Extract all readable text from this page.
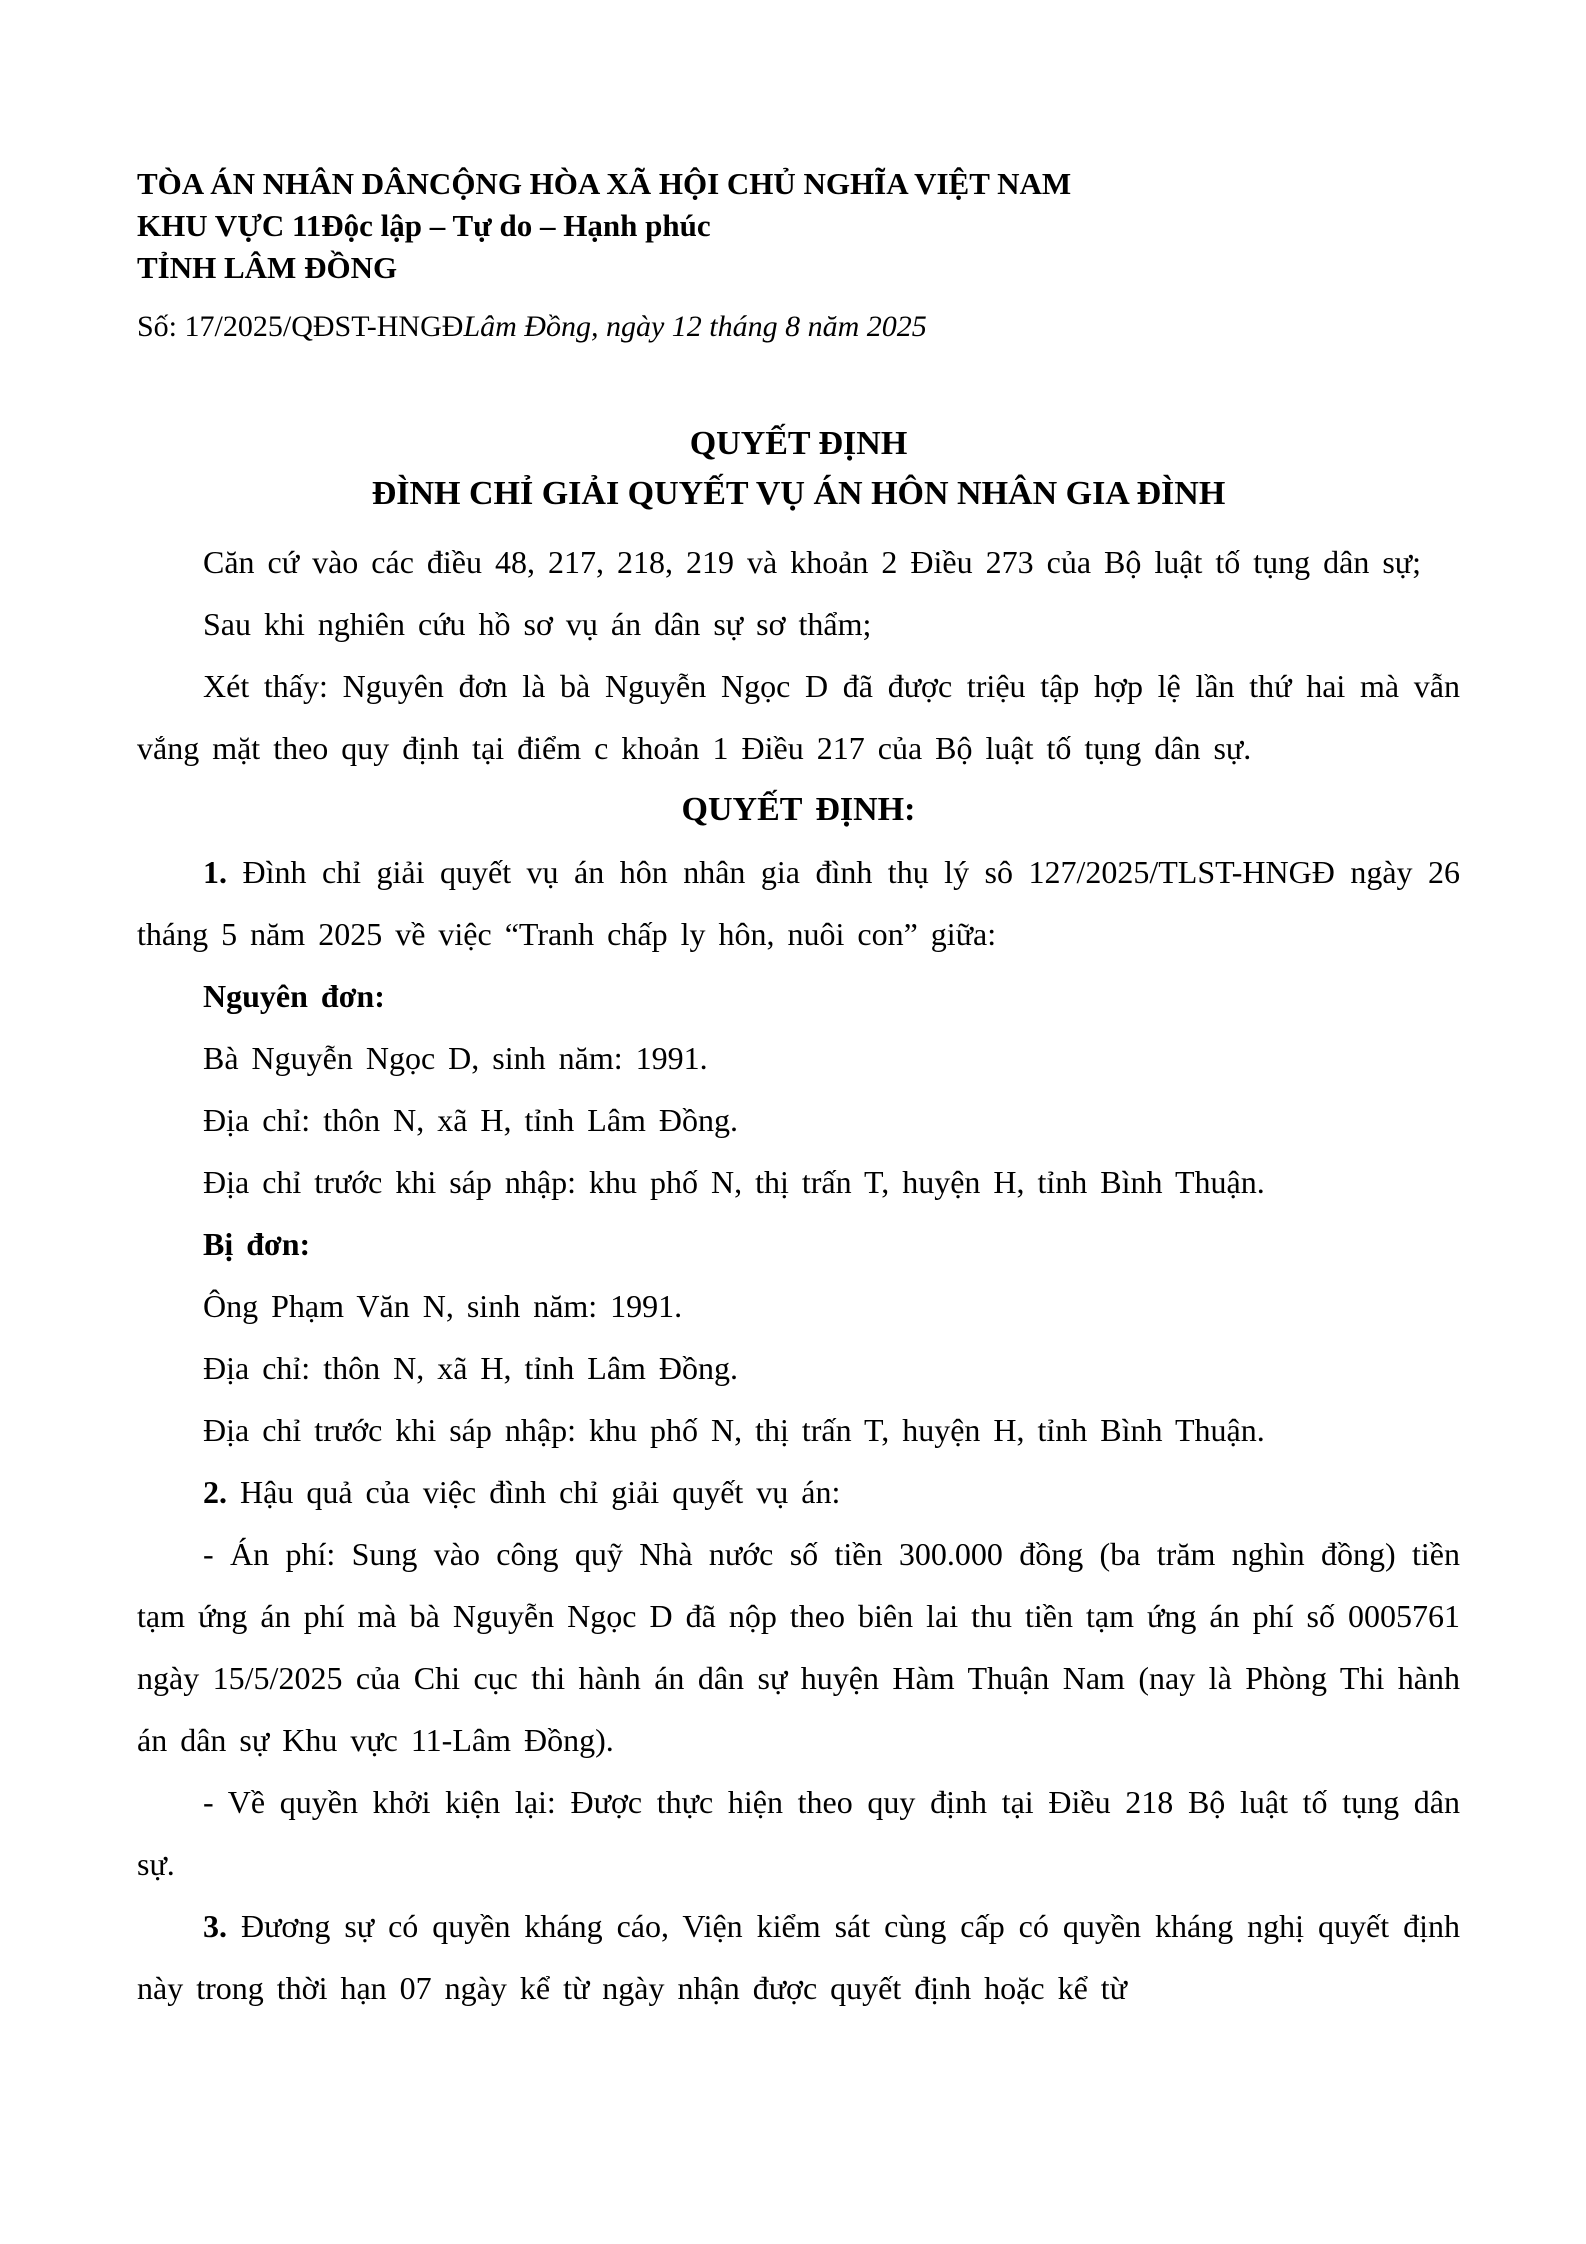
TÒA ÁN NHÂN DÂNCỘNG HÒA XÃ HỘI CHỦ NGHĨA VIỆT NAM
KHU VỰC 11Độc lập – Tự do – Hạnh phúc
TỈNH LÂM ĐỒNG
Số: 17/2025/QĐST-HNGĐLâm Đồng, ngày 12 tháng 8 năm 2025
QUYẾT ĐỊNH
ĐÌNH CHỈ GIẢI QUYẾT VỤ ÁN HÔN NHÂN GIA ĐÌNH

Căn cứ vào các điều 48, 217, 218, 219 và khoản 2 Điều 273 của Bộ luật tố tụng dân sự;

Sau khi nghiên cứu hồ sơ vụ án dân sự sơ thẩm;

Xét thấy: Nguyên đơn là bà Nguyễn Ngọc D đã được triệu tập hợp lệ lần thứ hai mà vẫn vắng mặt theo quy định tại điểm c khoản 1 Điều 217 của Bộ luật tố tụng dân sự.

QUYẾT ĐỊNH:

1. Đình chỉ giải quyết vụ án hôn nhân gia đình thụ lý sô 127/2025/TLST-HNGĐ ngày 26 tháng 5 năm 2025 về việc “Tranh chấp ly hôn, nuôi con” giữa:

Nguyên đơn:

Bà Nguyễn Ngọc D, sinh năm: 1991.

Địa chỉ: thôn N, xã H, tỉnh Lâm Đồng.

Địa chỉ trước khi sáp nhập: khu phố N, thị trấn T, huyện H, tỉnh Bình Thuận.

Bị đơn:

Ông Phạm Văn N, sinh năm: 1991.

Địa chỉ: thôn N, xã H, tỉnh Lâm Đồng.

Địa chỉ trước khi sáp nhập: khu phố N, thị trấn T, huyện H, tỉnh Bình Thuận.

2. Hậu quả của việc đình chỉ giải quyết vụ án:

- Án phí: Sung vào công quỹ Nhà nước số tiền 300.000 đồng (ba trăm nghìn đồng) tiền tạm ứng án phí mà bà Nguyễn Ngọc D đã nộp theo biên lai thu tiền tạm ứng án phí số 0005761 ngày 15/5/2025 của Chi cục thi hành án dân sự huyện Hàm Thuận Nam (nay là Phòng Thi hành án dân sự Khu vực 11-Lâm Đồng).

- Về quyền khởi kiện lại: Được thực hiện theo quy định tại Điều 218 Bộ luật tố tụng dân sự.

3. Đương sự có quyền kháng cáo, Viện kiểm sát cùng cấp có quyền kháng nghị quyết định này trong thời hạn 07 ngày kể từ ngày nhận được quyết định hoặc kể từ
